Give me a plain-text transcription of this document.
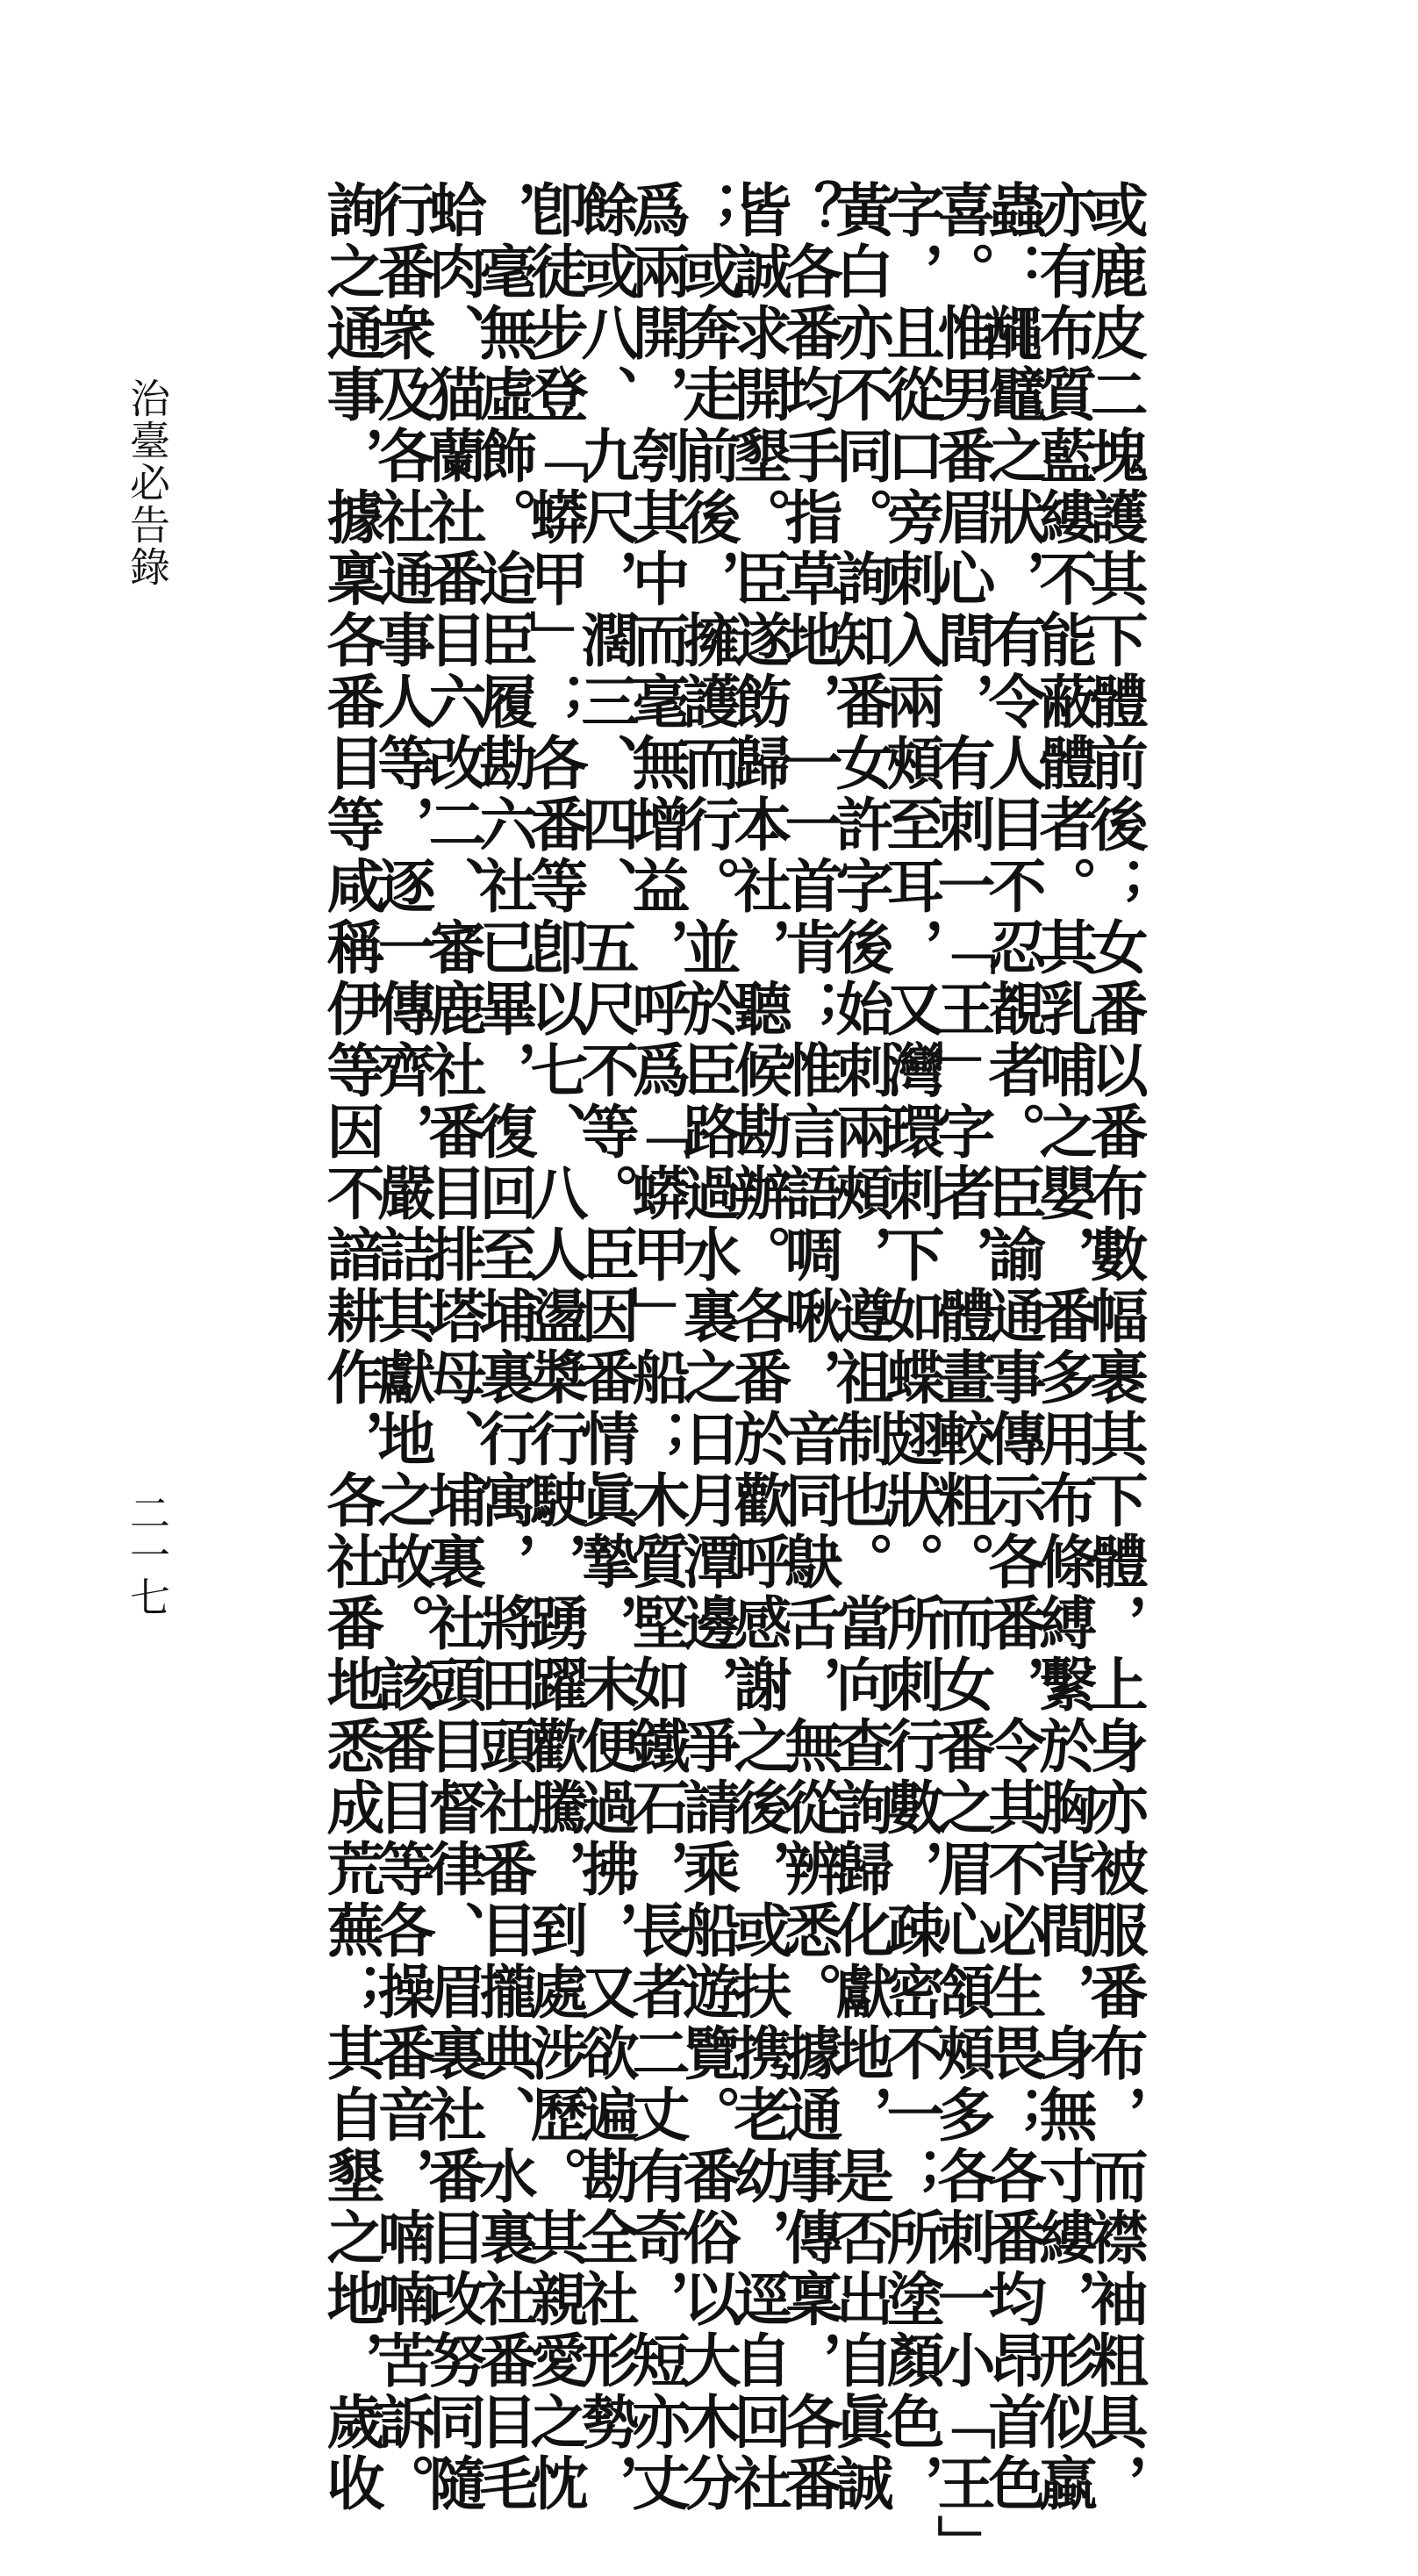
治臺必告錄
二一七	或鹿皮二塊護其下體前後；女番以番布數幅裹其下體，上身亦被服番布，而襟袖粗具，
亦有布質藍縷不能蔽體者。其乳哺之嬰，番多用布條縛繫於胸背間，身無寸縷，形似蠃
蟲：𪓰鼊之狀，有令人目不忍覩者。臣諭通事傳示各番，令其不必生畏；各番均昂首色
喜。惟男番眉心間，有刺一「王」字者，體畫較粗。而女番之眉心頷頰多各刺一小「王」
字，且從口旁刺入兩頰至耳，又灣環刺下如蝶翅狀。所刺行數，疎密不一；所塗顏色，
黃白亦不同。詢知番女許字後始刺兩頰，遵祖制也。當向查詢歸化獻地，是否出自眞誠
？各番均手指草地，一一首肯；惟言語啁啾，音同鴃舌，無從辨悉。據通事傳稟，各番
皆誠求開墾。臣遂飭歸本社，聽候勘辦。各番於歡呼感謝之後，或扶携老幼，逕自回社
；或奔走前後，擁護而行。並於臣路過水裏之日月潭邊，爭請乘船遊覽。番俗以大木分
爲兩開，刳其中而毫無增益，呼爲「蟒甲」船；木質堅如鐵石，長者二丈有奇，短亦丈
餘或八、九尺，濶三、四、五尺不等。臣因番情眞摯，未便過拂，又欲遍勘全社形勢，
卽徒步登「蟒甲」；各番等卽以七、八人盪槳行駛，踴躍歡騰，到處涉歷。其親愛之忱
，毫無虛飾。迨臣履勘六社已畢，復回至埔裏行寓，將田頭社番目攏典、水裏社番目毛
蛤肉、猫蘭社番目六改二、審鹿社番目排塔母、埔裏社頭目督律、眉裏社番目改努同隨
行番衆及各社通事人等，逐一傳齊，嚴詰其獻地之故。該番目等各操番音，喃喃苦訴。
詢之通事，據稟各番目等咸稱伊等因不諳耕作，各社番地悉成荒蕪；其自墾之地，歲收
